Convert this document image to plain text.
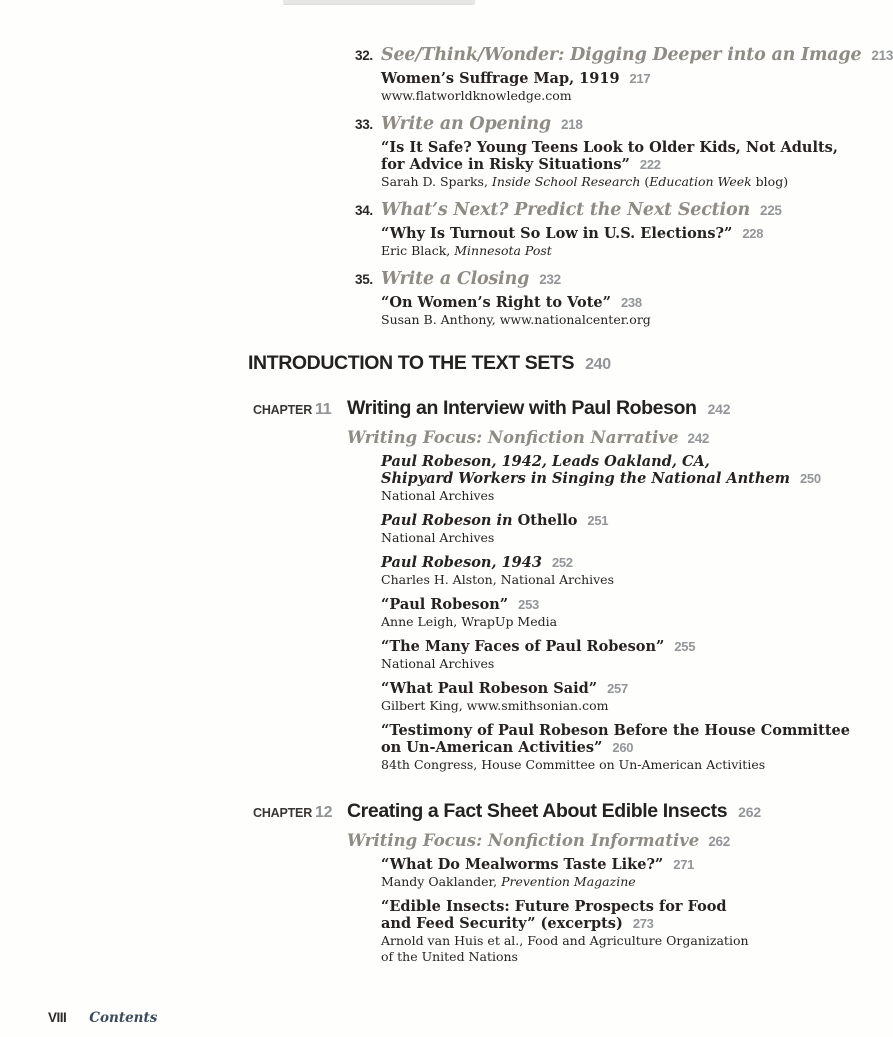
32. See/Think/Wonder: Digging Deeper into an Image 213
Women’s Suffrage Map, 1919 217
www.flatworldknowledge.com
33. Write an Opening 218
“Is It Safe? Young Teens Look to Older Kids, Not Adults,
for Advice in Risky Situations” 222
Sarah D. Sparks, Inside School Research (Education Week blog)
34. What’s Next? Predict the Next Section 225
“Why Is Turnout So Low in U.S. Elections?” 228
Eric Black, Minnesota Post
35. Write a Closing 232
“On Women’s Right to Vote” 238
Susan B. Anthony, www.nationalcenter.org
INTRODUCTION TO THE TEXT SETS 240
CHAPTER 11 Writing an Interview with Paul Robeson 242
Writing Focus: Nonfiction Narrative 242
Paul Robeson, 1942, Leads Oakland, CA,
Shipyard Workers in Singing the National Anthem 250
National Archives
Paul Robeson in Othello 251
National Archives
Paul Robeson, 1943 252
Charles H. Alston, National Archives
“Paul Robeson” 253
Anne Leigh, WrapUp Media
“The Many Faces of Paul Robeson” 255
National Archives
“What Paul Robeson Said” 257
Gilbert King, www.smithsonian.com
“Testimony of Paul Robeson Before the House Committee
on Un-American Activities” 260
84th Congress, House Committee on Un-American Activities
CHAPTER 12 Creating a Fact Sheet About Edible Insects 262
Writing Focus: Nonfiction Informative 262
“What Do Mealworms Taste Like?” 271
Mandy Oaklander, Prevention Magazine
“Edible Insects: Future Prospects for Food
and Feed Security” (excerpts) 273
Arnold van Huis et al., Food and Agriculture Organization
of the United Nations
VIII Contents
